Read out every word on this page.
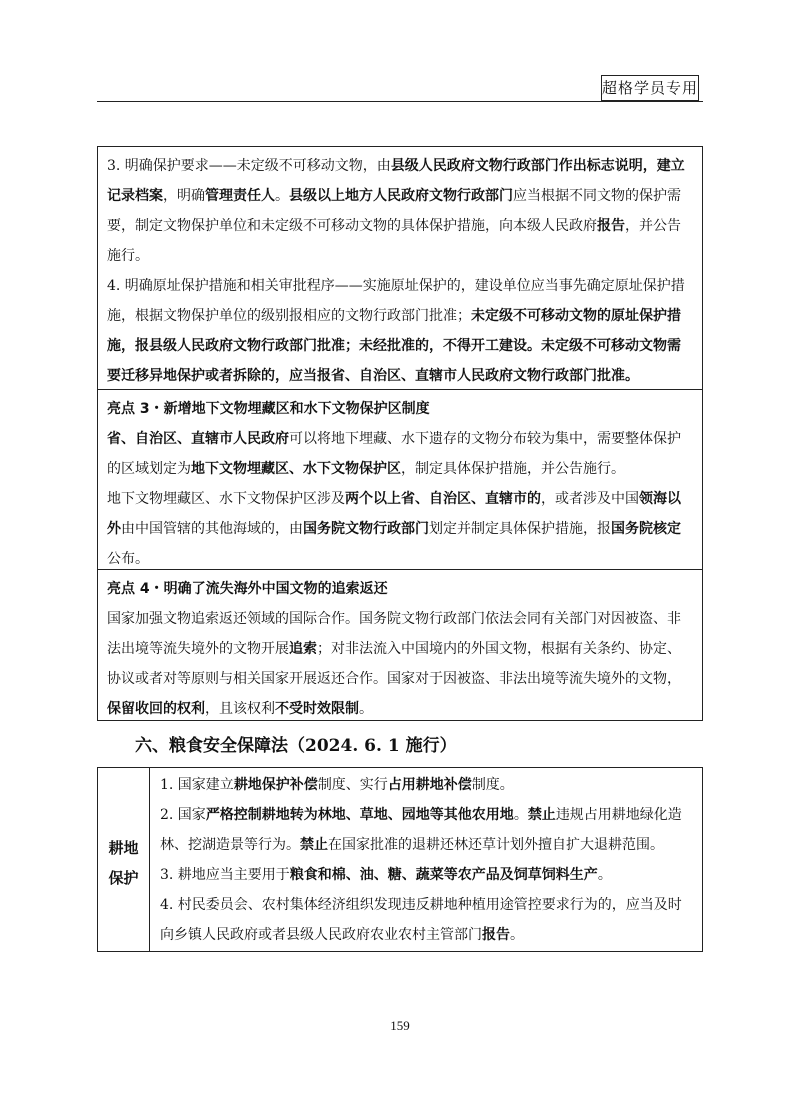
超格学员专用

3. 明确保护要求——未定级不可移动文物，由县级人民政府文物行政部门作出标志说明，建立记录档案，明确管理责任人。县级以上地方人民政府文物行政部门应当根据不同文物的保护需要，制定文物保护单位和未定级不可移动文物的具体保护措施，向本级人民政府报告，并公告施行。

4. 明确原址保护措施和相关审批程序——实施原址保护的，建设单位应当事先确定原址保护措施，根据文物保护单位的级别报相应的文物行政部门批准；未定级不可移动文物的原址保护措施，报县级人民政府文物行政部门批准；未经批准的，不得开工建设。未定级不可移动文物需要迁移异地保护或者拆除的，应当报省、自治区、直辖市人民政府文物行政部门批准。

亮点 3・新增地下文物埋藏区和水下文物保护区制度

省、自治区、直辖市人民政府可以将地下埋藏、水下遗存的文物分布较为集中，需要整体保护的区域划定为地下文物埋藏区、水下文物保护区，制定具体保护措施，并公告施行。

地下文物埋藏区、水下文物保护区涉及两个以上省、自治区、直辖市的，或者涉及中国领海以外由中国管辖的其他海域的，由国务院文物行政部门划定并制定具体保护措施，报国务院核定公布。

亮点 4・明确了流失海外中国文物的追索返还

国家加强文物追索返还领域的国际合作。国务院文物行政部门依法会同有关部门对因被盗、非法出境等流失境外的文物开展追索；对非法流入中国境内的外国文物，根据有关条约、协定、协议或者对等原则与相关国家开展返还合作。国家对于因被盗、非法出境等流失境外的文物，保留收回的权利，且该权利不受时效限制。

六、粮食安全保障法（2024. 6. 1 施行）
耕地
保护

1. 国家建立耕地保护补偿制度、实行占用耕地补偿制度。

2. 国家严格控制耕地转为林地、草地、园地等其他农用地。禁止违规占用耕地绿化造林、挖湖造景等行为。禁止在国家批准的退耕还林还草计划外擅自扩大退耕范围。

3. 耕地应当主要用于粮食和棉、油、糖、蔬菜等农产品及饲草饲料生产。

4. 村民委员会、农村集体经济组织发现违反耕地种植用途管控要求行为的，应当及时向乡镇人民政府或者县级人民政府农业农村主管部门报告。

159
